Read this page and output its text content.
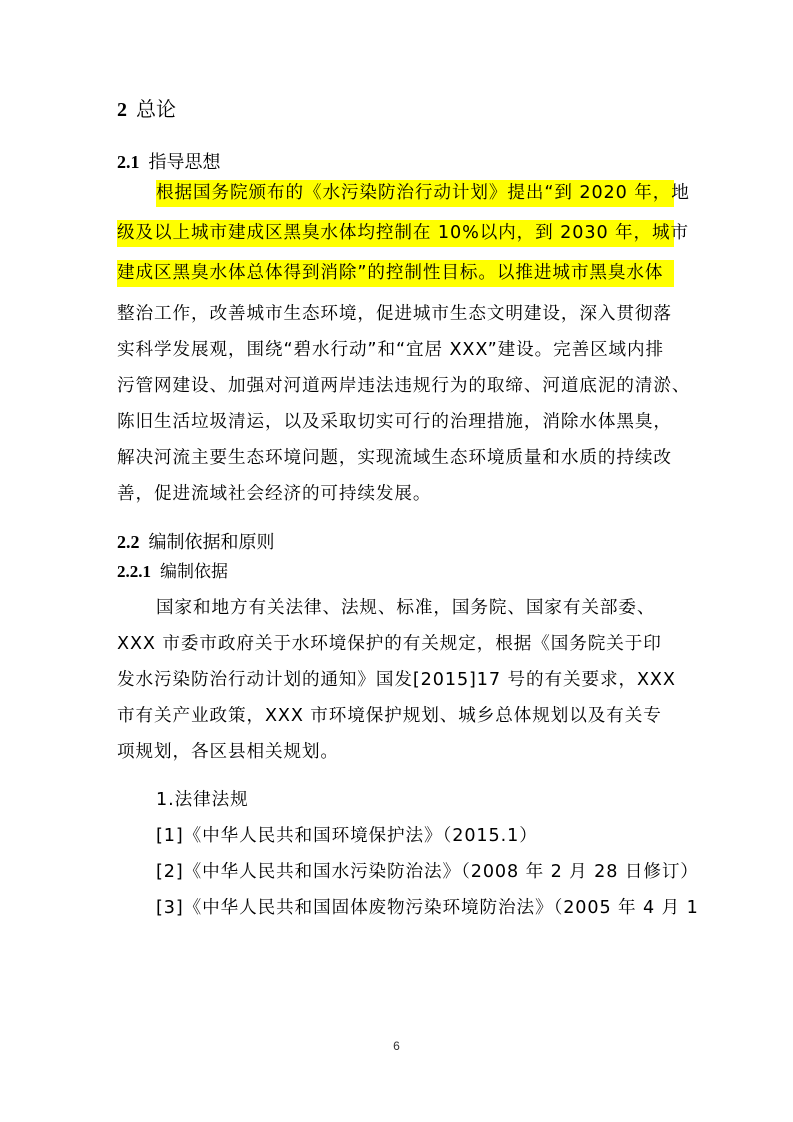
2 总论
2.1 指导思想
根据国务院颁布的《水污染防治行动计划》提出“到 2020 年，地
级及以上城市建成区黑臭水体均控制在 10%以内，到 2030 年，城市
建成区黑臭水体总体得到消除”的控制性目标。以推进城市黑臭水体
整治工作，改善城市生态环境，促进城市生态文明建设，深入贯彻落
实科学发展观，围绕“碧水行动”和“宜居 XXX”建设。完善区域内排
污管网建设、加强对河道两岸违法违规行为的取缔、河道底泥的清淤、
陈旧生活垃圾清运，以及采取切实可行的治理措施，消除水体黑臭，
解决河流主要生态环境问题，实现流域生态环境质量和水质的持续改
善，促进流域社会经济的可持续发展。
2.2 编制依据和原则
2.2.1 编制依据
国家和地方有关法律、法规、标准，国务院、国家有关部委、
XXX 市委市政府关于水环境保护的有关规定，根据《国务院关于印
发水污染防治行动计划的通知》国发[2015]17 号的有关要求，XXX
市有关产业政策，XXX 市环境保护规划、城乡总体规划以及有关专
项规划，各区县相关规划。
1.法律法规
[1]《中华人民共和国环境保护法》（2015.1）
[2]《中华人民共和国水污染防治法》（2008 年 2 月 28 日修订）
[3]《中华人民共和国固体废物污染环境防治法》（2005 年 4 月 1
6
